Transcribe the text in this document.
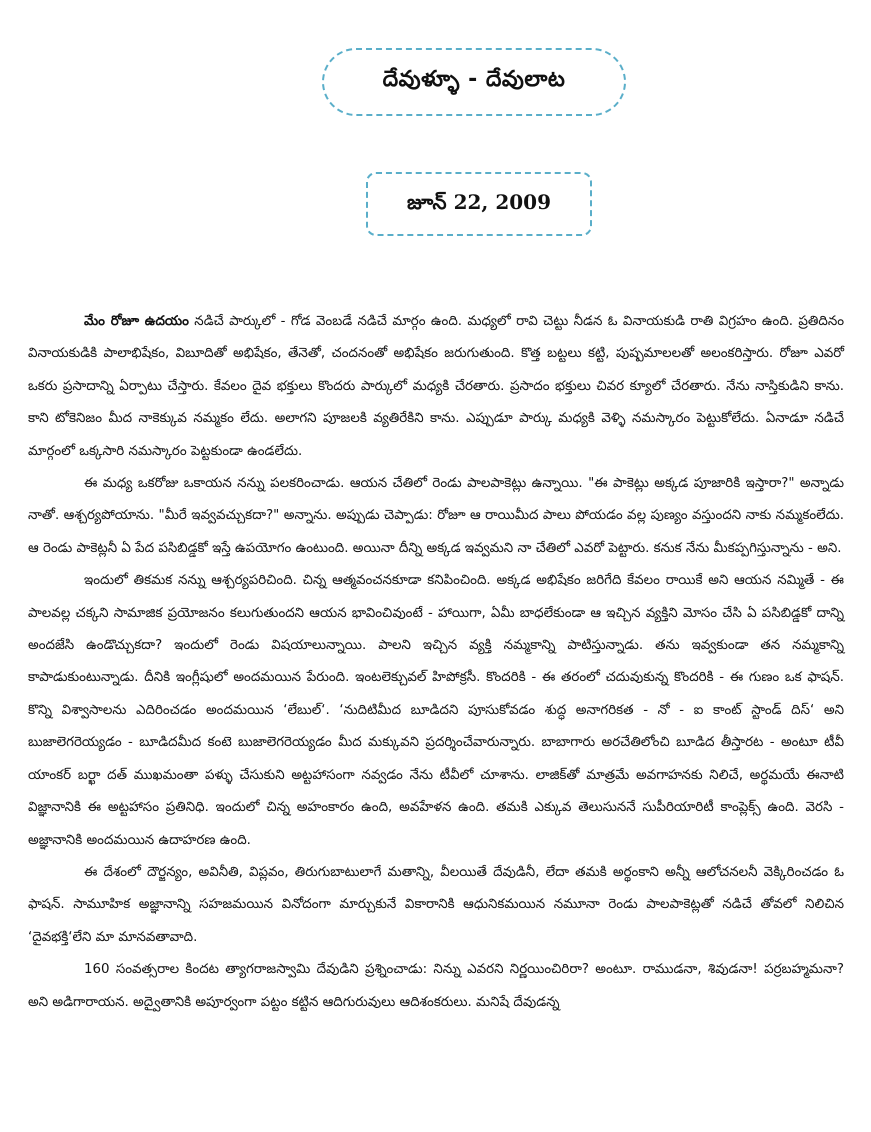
దేవుళ్ళూ - దేవులాట
జూన్ 22, 2009

మేం రోజూ ఉదయం నడిచే పార్కులో - గోడ వెంబడే నడిచే మార్గం ఉంది. మధ్యలో రావి చెట్టు నీడన ఓ వినాయకుడి రాతి విగ్రహం ఉంది. ప్రతిదినం వినాయకుడికి పాలాభిషేకం, విబూదితో అభిషేకం, తేనెతో, చందనంతో అభిషేకం జరుగుతుంది. కొత్త బట్టలు కట్టి, పుష్పమాలలతో అలంకరిస్తారు. రోజూ ఎవరో ఒకరు ప్రసాదాన్ని ఏర్పాటు చేస్తారు. కేవలం దైవ భక్తులు కొందరు పార్కులో మధ్యకి చేరతారు. ప్రసాదం భక్తులు చివర క్యూలో చేరతారు. నేను నాస్తికుడిని కాను. కాని టోకెనిజం మీద నాకెక్కువ నమ్మకం లేదు. అలాగని పూజలకి వ్యతిరేకిని కాను. ఎప్పుడూ పార్కు మధ్యకి వెళ్ళి నమస్కారం పెట్టుకోలేదు. ఏనాడూ నడిచే మార్గంలో ఒక్కసారి నమస్కారం పెట్టకుండా ఉండలేదు.

ఈ మధ్య ఒకరోజు ఒకాయన నన్ను పలకరించాడు. ఆయన చేతిలో రెండు పాలపాకెట్లు ఉన్నాయి. "ఈ పాకెట్లు అక్కడ పూజారికి ఇస్తారా?" అన్నాడు నాతో. ఆశ్చర్యపోయాను. "మీరే ఇవ్వవచ్చుకదా?" అన్నాను. అప్పుడు చెప్పాడు: రోజూ ఆ రాయిమీద పాలు పోయడం వల్ల పుణ్యం వస్తుందని నాకు నమ్మకంలేదు. ఆ రెండు పాకెట్లనీ ఏ పేద పసిబిడ్డకో ఇస్తే ఉపయోగం ఉంటుంది. అయినా దీన్ని అక్కడ ఇవ్వమని నా చేతిలో ఎవరో పెట్టారు. కనుక నేను మీకప్పగిస్తున్నాను - అని.

ఇందులో తికమక నన్ను ఆశ్చర్యపరిచింది. చిన్న ఆత్మవంచనకూడా కనిపించింది. అక్కడ అభిషేకం జరిగేది కేవలం రాయికే అని ఆయన నమ్మితే - ఈ పాలవల్ల చక్కని సామాజిక ప్రయోజనం కలుగుతుందని ఆయన భావించివుంటే - హాయిగా, ఏమీ బాధలేకుండా ఆ ఇచ్చిన వ్యక్తిని మోసం చేసి ఏ పసిబిడ్డకో దాన్ని అందజేసి ఉండొచ్చుకదా? ఇందులో రెండు విషయాలున్నాయి. పాలని ఇచ్చిన వ్యక్తి నమ్మకాన్ని పాటిస్తున్నాడు. తను ఇవ్వకుండా తన నమ్మకాన్ని కాపాడుకుంటున్నాడు. దీనికి ఇంగ్లీషులో అందమయిన పేరుంది. ఇంటలెక్చువల్ హిపోక్రసీ. కొందరికి - ఈ తరంలో చదువుకున్న కొందరికి - ఈ గుణం ఒక ఫాషన్. కొన్ని విశ్వాసాలను ఎదిరించడం అందమయిన ‘లేబుల్‘. ‘నుదిటిమీద బూడిదని పూసుకోవడం శుద్ధ అనాగరికత - నో - ఐ కాంట్ స్టాండ్ దిస్‘ అని బుజాలెగరెయ్యడం - బూడిదమీద కంటె బుజాలెగరెయ్యడం మీద మక్కువని ప్రదర్శించేవారున్నారు. బాబాగారు అరచేతిలోంచి బూడిద తీస్తారట - అంటూ టీవీ యాంకర్ బర్ఖా దత్ ముఖమంతా పళ్ళు చేసుకుని అట్టహాసంగా నవ్వడం నేను టీవీలో చూశాను. లాజిక్‌తో మాత్రమే అవగాహనకు నిలిచే, అర్థమయే ఈనాటి విజ్ఞానానికి ఈ అట్టహాసం ప్రతినిధి. ఇందులో చిన్న అహంకారం ఉంది, అవహేళన ఉంది. తమకి ఎక్కువ తెలుసుననే సుపీరియారిటీ కాంప్లెక్స్ ఉంది. వెరసి - అజ్ఞానానికి అందమయిన ఉదాహరణ ఉంది.

ఈ దేశంలో దౌర్జన్యం, అవినీతి, విప్లవం, తిరుగుబాటులాగే మతాన్ని, వీలయితే దేవుడినీ, లేదా తమకి అర్థంకాని అన్నీ ఆలోచనలనీ వెక్కిరించడం ఓ ఫాషన్. సామూహిక అజ్ఞానాన్ని సహజమయిన వినోదంగా మార్చుకునే వికారానికి ఆధునికమయిన నమూనా రెండు పాలపాకెట్లతో నడిచే తోవలో నిలిచిన ‘దైవభక్తి‘లేని మా మానవతావాది.

160 సంవత్సరాల కిందట త్యాగరాజస్వామి దేవుడిని ప్రశ్నించాడు: నిన్ను ఎవరని నిర్ణయించిరిరా? అంటూ. రాముడనా, శివుడనా! పర్రబహ్మమనా? అని అడిగారాయన. అద్వైతానికి అపూర్వంగా పట్టం కట్టిన ఆదిగురువులు ఆదిశంకరులు. మనిషే దేవుడన్న
